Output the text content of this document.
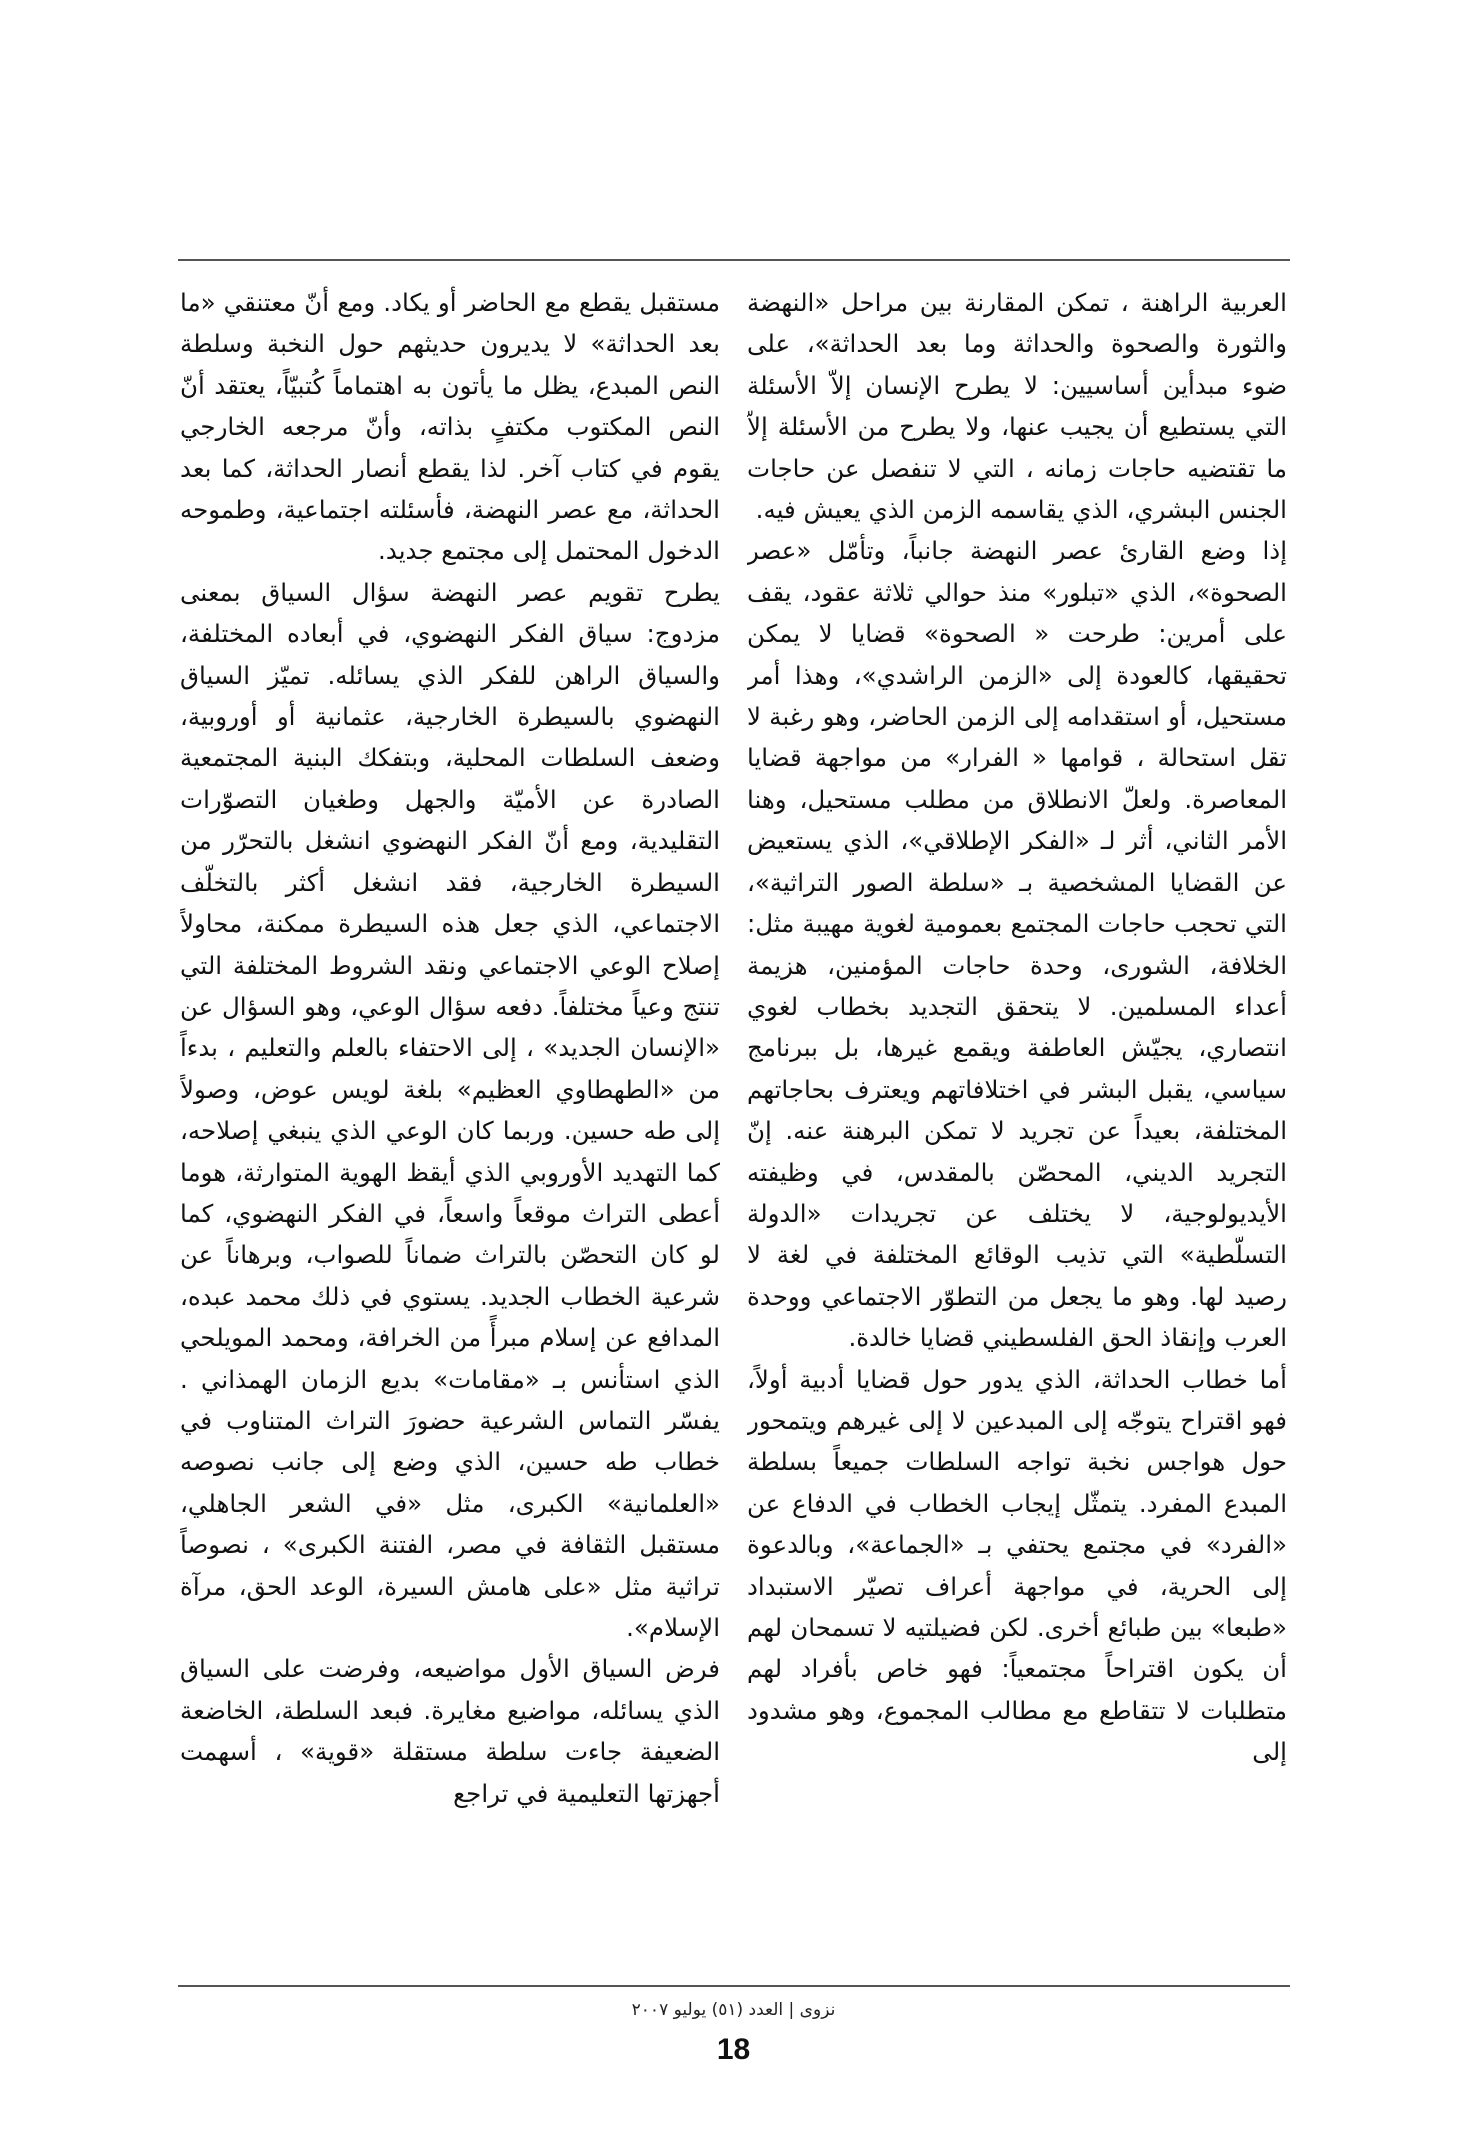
العربية الراهنة ، تمكن المقارنة بين مراحل «النهضة والثورة والصحوة والحداثة وما بعد الحداثة»، على ضوء مبدأين أساسيين: لا يطرح الإنسان إلاّ الأسئلة التي يستطيع أن يجيب عنها، ولا يطرح من الأسئلة إلاّ ما تقتضيه حاجات زمانه ، التي لا تنفصل عن حاجات الجنس البشري، الذي يقاسمه الزمن الذي يعيش فيه.

إذا وضع القارئ عصر النهضة جانباً، وتأمّل «عصر الصحوة»، الذي «تبلور» منذ حوالي ثلاثة عقود، يقف على أمرين: طرحت « الصحوة» قضايا لا يمكن تحقيقها، كالعودة إلى «الزمن الراشدي»، وهذا أمر مستحيل، أو استقدامه إلى الزمن الحاضر، وهو رغبة لا تقل استحالة ، قوامها « الفرار» من مواجهة قضايا المعاصرة. ولعلّ الانطلاق من مطلب مستحيل، وهنا الأمر الثاني، أثر لـ «الفكر الإطلاقي»، الذي يستعيض عن القضايا المشخصية بـ «سلطة الصور التراثية»، التي تحجب حاجات المجتمع بعمومية لغوية مهيبة مثل: الخلافة، الشورى، وحدة حاجات المؤمنين، هزيمة أعداء المسلمين. لا يتحقق التجديد بخطاب لغوي انتصاري، يجيّش العاطفة ويقمع غيرها، بل ببرنامج سياسي، يقبل البشر في اختلافاتهم ويعترف بحاجاتهم المختلفة، بعيداً عن تجريد لا تمكن البرهنة عنه. إنّ التجريد الديني، المحصّن بالمقدس، في وظيفته الأيديولوجية، لا يختلف عن تجريدات «الدولة التسلّطية» التي تذيب الوقائع المختلفة في لغة لا رصيد لها. وهو ما يجعل من التطوّر الاجتماعي ووحدة العرب وإنقاذ الحق الفلسطيني قضايا خالدة.

أما خطاب الحداثة، الذي يدور حول قضايا أدبية أولاً، فهو اقتراح يتوجّه إلى المبدعين لا إلى غيرهم ويتمحور حول هواجس نخبة تواجه السلطات جميعاً بسلطة المبدع المفرد. يتمثّل إيجاب الخطاب في الدفاع عن «الفرد» في مجتمع يحتفي بـ «الجماعة»، وبالدعوة إلى الحرية، في مواجهة أعراف تصيّر الاستبداد «طبعا» بين طبائع أخرى. لكن فضيلتيه لا تسمحان لهم أن يكون اقتراحاً مجتمعياً: فهو خاص بأفراد لهم متطلبات لا تتقاطع مع مطالب المجموع، وهو مشدود إلى

مستقبل يقطع مع الحاضر أو يكاد. ومع أنّ معتنقي «ما بعد الحداثة» لا يديرون حديثهم حول النخبة وسلطة النص المبدع، يظل ما يأتون به اهتماماً كُتبيّاً، يعتقد أنّ النص المكتوب مكتفٍ بذاته، وأنّ مرجعه الخارجي يقوم في كتاب آخر. لذا يقطع أنصار الحداثة، كما بعد الحداثة، مع عصر النهضة، فأسئلته اجتماعية، وطموحه الدخول المحتمل إلى مجتمع جديد.

يطرح تقويم عصر النهضة سؤال السياق بمعنى مزدوج: سياق الفكر النهضوي، في أبعاده المختلفة، والسياق الراهن للفكر الذي يسائله. تميّز السياق النهضوي بالسيطرة الخارجية، عثمانية أو أوروبية، وضعف السلطات المحلية، وبتفكك البنية المجتمعية الصادرة عن الأميّة والجهل وطغيان التصوّرات التقليدية، ومع أنّ الفكر النهضوي انشغل بالتحرّر من السيطرة الخارجية، فقد انشغل أكثر بالتخلّف الاجتماعي، الذي جعل هذه السيطرة ممكنة، محاولاً إصلاح الوعي الاجتماعي ونقد الشروط المختلفة التي تنتج وعياً مختلفاً. دفعه سؤال الوعي، وهو السؤال عن «الإنسان الجديد» ، إلى الاحتفاء بالعلم والتعليم ، بدءاً من «الطهطاوي العظيم» بلغة لويس عوض، وصولاً إلى طه حسين. وربما كان الوعي الذي ينبغي إصلاحه، كما التهديد الأوروبي الذي أيقظ الهوية المتوارثة، هوما أعطى التراث موقعاً واسعاً، في الفكر النهضوي، كما لو كان التحصّن بالتراث ضماناً للصواب، وبرهاناً عن شرعية الخطاب الجديد. يستوي في ذلك محمد عبده، المدافع عن إسلام مبرأً من الخرافة، ومحمد المويلحي الذي استأنس بـ «مقامات» بديع الزمان الهمذاني . يفسّر التماس الشرعية حضورَ التراث المتناوب في خطاب طه حسين، الذي وضع إلى جانب نصوصه «العلمانية» الكبرى، مثل «في الشعر الجاهلي، مستقبل الثقافة في مصر، الفتنة الكبرى» ، نصوصاً تراثية مثل «على هامش السيرة، الوعد الحق، مرآة الإسلام».

فرض السياق الأول مواضيعه، وفرضت على السياق الذي يسائله، مواضيع مغايرة. فبعد السلطة، الخاضعة الضعيفة جاءت سلطة مستقلة «قوية» ، أسهمت أجهزتها التعليمية في تراجع

نزوى | العدد (٥١) يوليو ٢٠٠٧
18
